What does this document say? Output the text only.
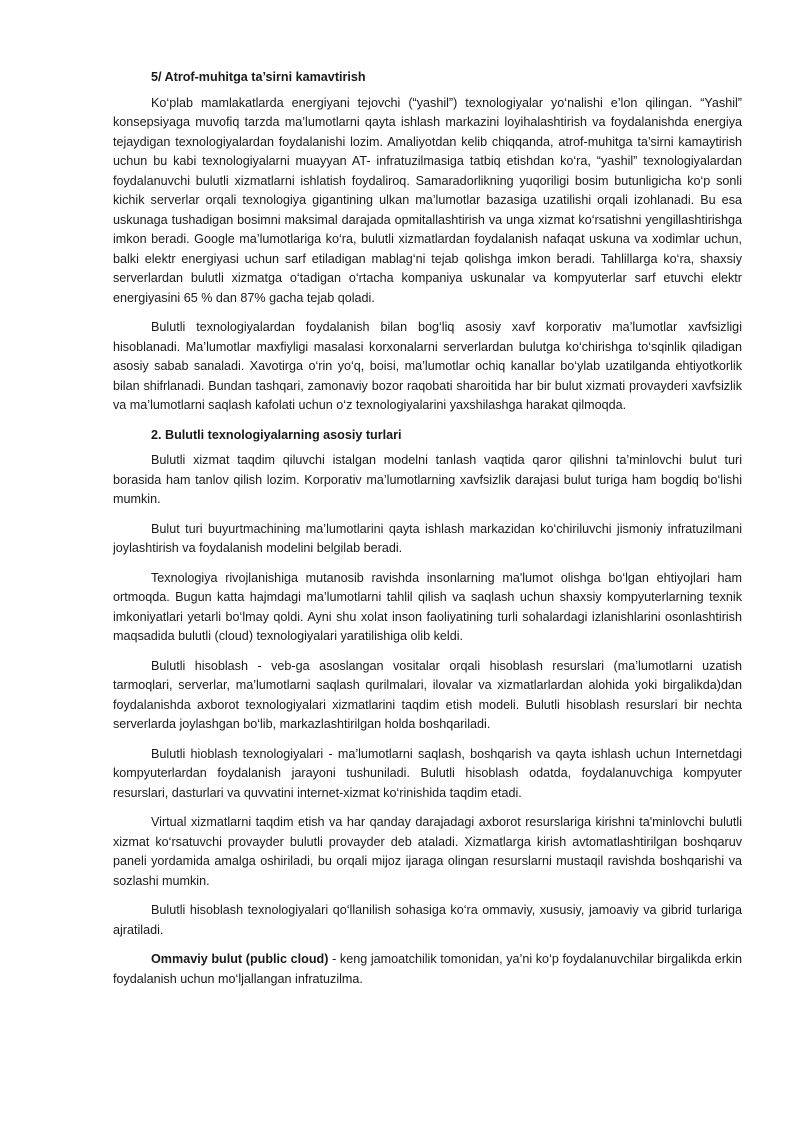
5/ Atrof-muhitga ta’sirni kamavtirish

Ko‘plab mamlakatlarda energiyani tejovchi (“yashil”) texnologiyalar yo‘nalishi e’lon qilingan. “Yashil” konsepsiyaga muvofiq tarzda ma’lumotlarni qayta ishlash markazini loyihalashtirish va foydalanishda energiya tejaydigan texnologiyalardan foydalanishi lozim. Amaliyotdan kelib chiqqanda, atrof-muhitga ta’sirni kamaytirish uchun bu kabi texnologiyalarni muayyan AT- infratuzilmasiga tatbiq etishdan ko‘ra, “yashil” texnologiyalardan foydalanuvchi bulutli xizmatlarni ishlatish foydaliroq. Samaradorlikning yuqoriligi bosim butunligicha ko‘p sonli kichik serverlar orqali texnologiya gigantining ulkan ma’lumotlar bazasiga uzatilishi orqali izohlanadi. Bu esa uskunaga tushadigan bosimni maksimal darajada opmitallashtirish va unga xizmat ko‘rsatishni yengillashtirishga imkon beradi. Google ma’lumotlariga ko‘ra, bulutli xizmatlardan foydalanish nafaqat uskuna va xodimlar uchun, balki elektr energiyasi uchun sarf etiladigan mablag‘ni tejab qolishga imkon beradi. Tahlillarga ko‘ra, shaxsiy serverlardan bulutli xizmatga o‘tadigan o‘rtacha kompaniya uskunalar va kompyuterlar sarf etuvchi elektr energiyasini 65 % dan 87% gacha tejab qoladi.

Bulutli texnologiyalardan foydalanish bilan bog‘liq asosiy xavf korporativ ma’lumotlar xavfsizligi hisoblanadi. Ma’lumotlar maxfiyligi masalasi korxonalarni serverlardan bulutga ko‘chirishga to‘sqinlik qiladigan asosiy sabab sanaladi. Xavotirga o‘rin yo‘q, boisi, ma’lumotlar ochiq kanallar bo‘ylab uzatilganda ehtiyotkorlik bilan shifrlanadi. Bundan tashqari, zamonaviy bozor raqobati sharoitida har bir bulut xizmati provayderi xavfsizlik va ma’lumotlarni saqlash kafolati uchun o‘z texnologiyalarini yaxshilashga harakat qilmoqda.

2. Bulutli texnologiyalarning asosiy turlari

Bulutli xizmat taqdim qiluvchi istalgan modelni tanlash vaqtida qaror qilishni ta’minlovchi bulut turi borasida ham tanlov qilish lozim. Korporativ ma’lumotlarning xavfsizlik darajasi bulut turiga ham bogdiq bo‘lishi mumkin.

Bulut turi buyurtmachining ma’lumotlarini qayta ishlash markazidan ko‘chiriluvchi jismoniy infratuzilmani joylashtirish va foydalanish modelini belgilab beradi.

Texnologiya rivojlanishiga mutanosib ravishda insonlarning ma'lumot olishga bo‘lgan ehtiyojlari ham ortmoqda. Bugun katta hajmdagi ma’lumotlarni tahlil qilish va saqlash uchun shaxsiy kompyuterlarning texnik imkoniyatlari yetarli bo‘lmay qoldi. Ayni shu xolat inson faoliyatining turli sohalardagi izlanishlarini osonlashtirish maqsadida bulutli (cloud) texnologiyalari yaratilishiga olib keldi.

Bulutli hisoblash - veb-ga asoslangan vositalar orqali hisoblash resurslari (ma’lumotlarni uzatish tarmoqlari, serverlar, ma’lumotlarni saqlash qurilmalari, ilovalar va xizmatlarlardan alohida yoki birgalikda)dan foydalanishda axborot texnologiyalari xizmatlarini taqdim etish modeli. Bulutli hisoblash resurslari bir nechta serverlarda joylashgan bo‘lib, markazlashtirilgan holda boshqariladi.

Bulutli hioblash texnologiyalari - ma’lumotlarni saqlash, boshqarish va qayta ishlash uchun Internetdagi kompyuterlardan foydalanish jarayoni tushuniladi. Bulutli hisoblash odatda, foydalanuvchiga kompyuter resurslari, dasturlari va quvvatini internet-xizmat ko‘rinishida taqdim etadi.

Virtual xizmatlarni taqdim etish va har qanday darajadagi axborot resurslariga kirishni ta'minlovchi bulutli xizmat ko‘rsatuvchi provayder bulutli provayder deb ataladi. Xizmatlarga kirish avtomatlashtirilgan boshqaruv paneli yordamida amalga oshiriladi, bu orqali mijoz ijaraga olingan resurslarni mustaqil ravishda boshqarishi va sozlashi mumkin.

Bulutli hisoblash texnologiyalari qo‘llanilish sohasiga ko‘ra ommaviy, xususiy, jamoaviy va gibrid turlariga ajratiladi.

Ommaviy bulut (public cloud) - keng jamoatchilik tomonidan, ya’ni ko‘p foydalanuvchilar birgalikda erkin foydalanish uchun mo‘ljallangan infratuzilma.
